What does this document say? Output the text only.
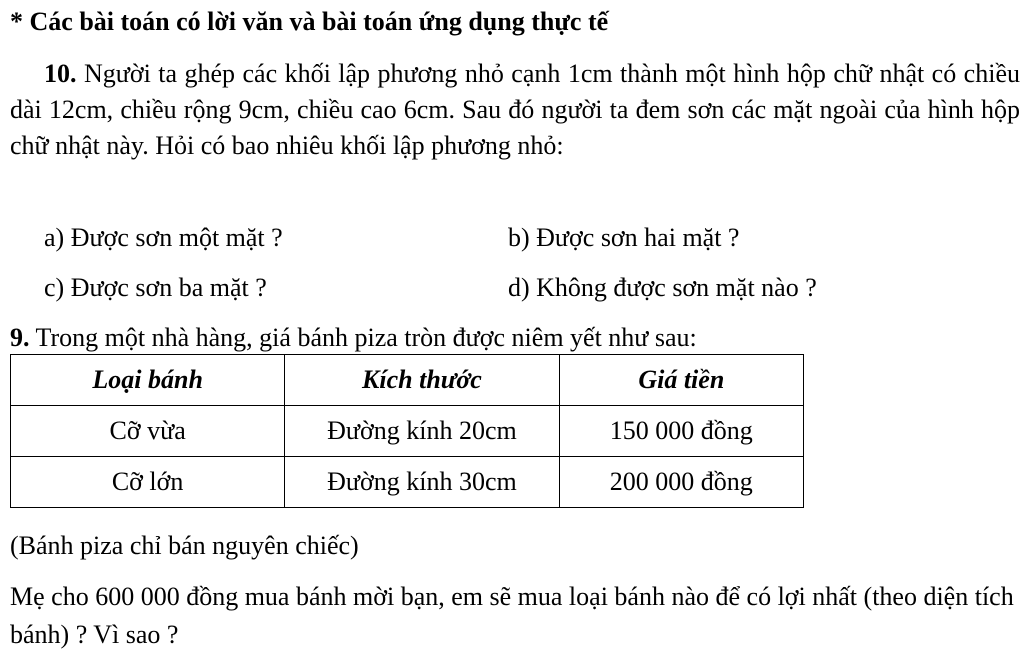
* Các bài toán có lời văn và bài toán ứng dụng thực tế
10. Người ta ghép các khối lập phương nhỏ cạnh 1cm thành một hình hộp chữ nhật có chiều dài 12cm, chiều rộng 9cm, chiều cao 6cm. Sau đó người ta đem sơn các mặt ngoài của hình hộp chữ nhật này. Hỏi có bao nhiêu khối lập phương nhỏ:
a) Được sơn một mặt ?	b) Được sơn hai mặt ?
c) Được sơn ba mặt ?	d) Không được sơn mặt nào ?
9. Trong một nhà hàng, giá bánh piza tròn được niêm yết như sau:
Loại bánh	Kích thước	Giá tiền
Cỡ vừa	Đường kính 20cm	150 000 đồng
Cỡ lớn	Đường kính 30cm	200 000 đồng
(Bánh piza chỉ bán nguyên chiếc)
Mẹ cho 600 000 đồng mua bánh mời bạn, em sẽ mua loại bánh nào để có lợi nhất (theo diện tích bánh) ? Vì sao ?
